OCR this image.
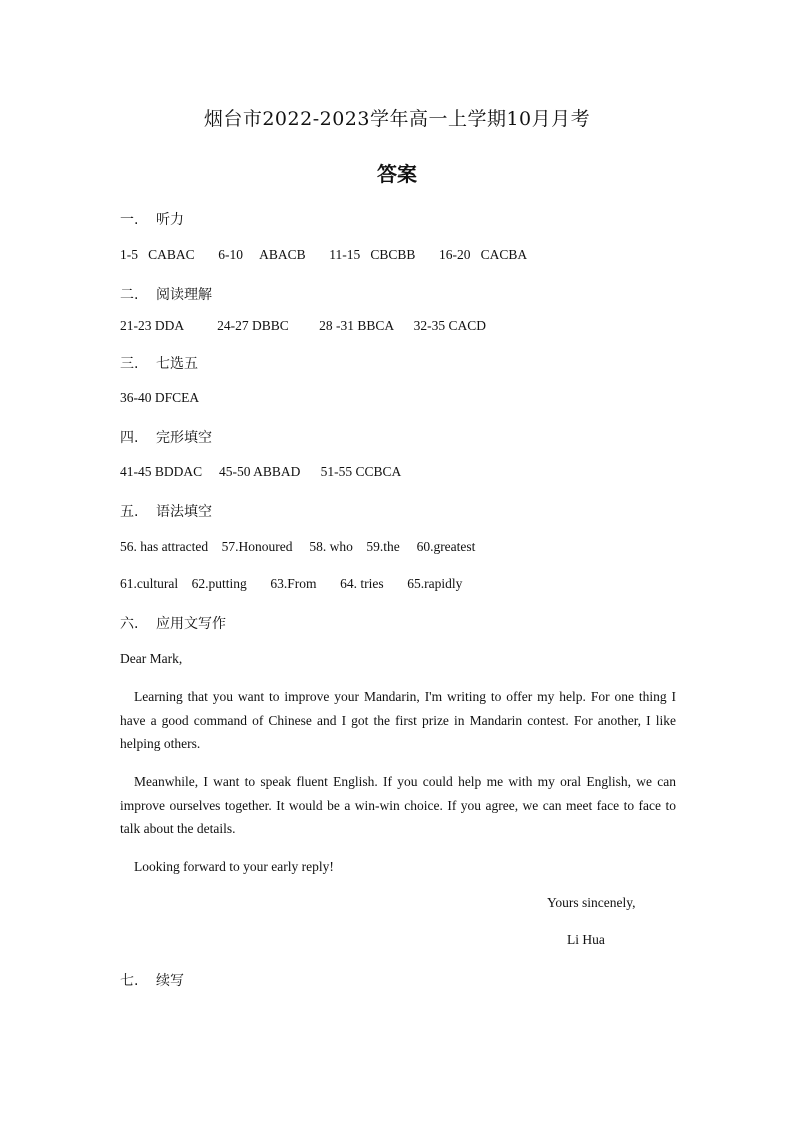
烟台市2022-2023学年高一上学期10月月考
答案
一. 听力
1-5   CABAC       6-10     ABACB       11-15   CBCBB       16-20   CACBA
二. 阅读理解
21-23 DDA          24-27 DBBC         28 -31 BBCA      32-35 CACD
三. 七选五
36-40 DFCEA
四. 完形填空
41-45 BDDAC     45-50 ABBAD      51-55 CCBCA
五. 语法填空
56. has attracted    57.Honoured     58. who    59.the     60.greatest
61.cultural    62.putting       63.From       64. tries       65.rapidly
六. 应用文写作
Dear Mark,
Learning that you want to improve your Mandarin, I'm writing to offer my help. For one thing I have a good command of Chinese and I got the first prize in Mandarin contest. For another, I like helping others.
Meanwhile, I want to speak fluent English. If you could help me with my oral English, we can improve ourselves together. It would be a win-win choice. If you agree, we can meet face to face to talk about the details.
Looking forward to your early reply!
Yours sincenely,
Li Hua
七. 续写
